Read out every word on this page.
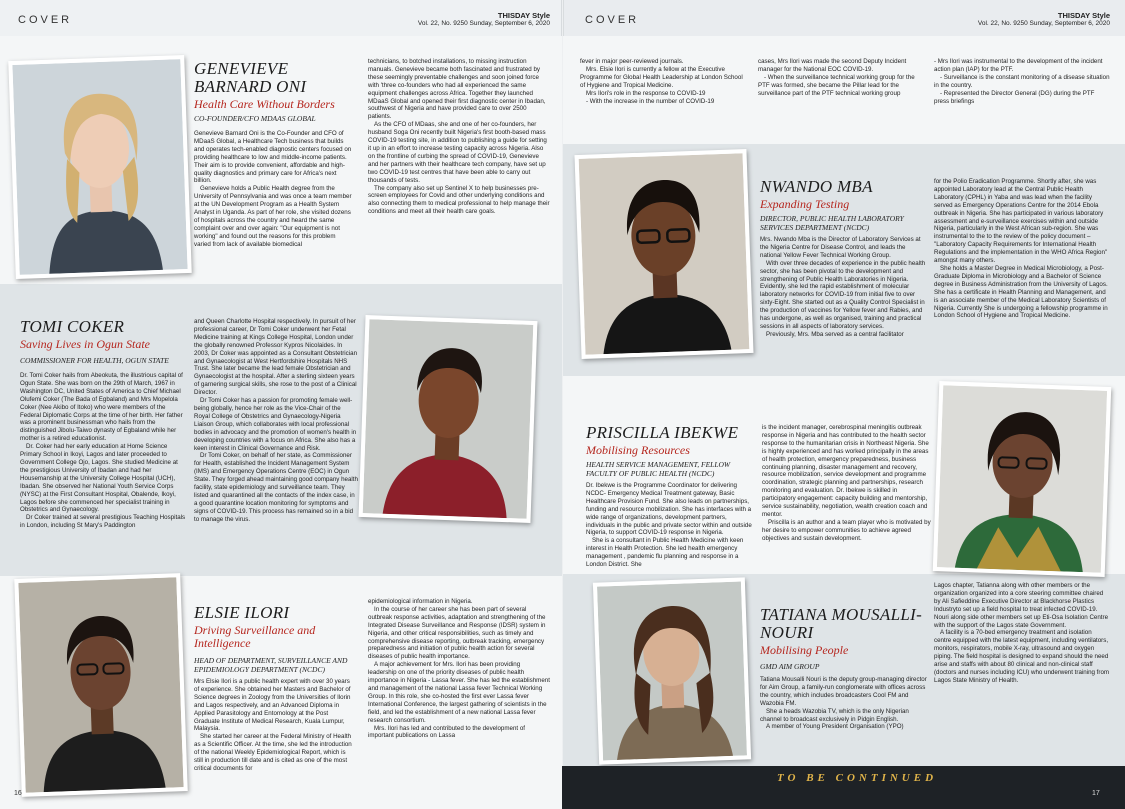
COVER	THISDAY Style
Vol. 22, No. 9250 Sunday, September 6, 2020	COVER	THISDAY Style
Vol. 22, No. 9250 Sunday, September 6, 2020
GENEVIEVE BARNARD ONI
Health Care Without Borders
CO-FOUNDER/CFO MDAAS GLOBAL

Genevieve Barnard Oni is the Co-Founder and CFO of MDaaS Global, a Healthcare Tech business that builds and operates tech-enabled diagnostic centers focused on providing healthcare to low and middle-income patients. Their aim is to provide convenient, affordable and high-quality diagnostics and primary care for Africa's next billion.

Genevieve holds a Public Health degree from the University of Pennsylvania and was once a team member at the UN Development Program as a Health System Analyst in Uganda. As part of her role, she visited dozens of hospitals across the country and heard the same complaint over and over again: "Our equipment is not working" and found out the reasons for this problem varied from lack of available biomedical

technicians, to botched installations, to missing instruction manuals. Genevieve became both fascinated and frustrated by these seemingly preventable challenges and soon joined force with 'three co-founders who had all experienced the same equipment challenges across Africa. Together they launched MDaaS Global and opened their first diagnostic center in Ibadan, southwest of Nigeria and have provided care to over 2500 patients.

As the CFO of MDaas, she and one of her co-founders, her husband Soga Oni recently built Nigeria's first booth-based mass COVID-19 testing site, in addition to publishing a guide for setting it up in an effort to increase testing capacity across Nigeria. Also on the frontline of curbing the spread of COVID-19, Genevieve and her partners with their healthcare tech company, have set up two COVID-19 test centres that have been able to carry out thousands of tests.

The company also set up Sentinel X to help businesses pre-screen employees for Covid and other underlying conditions and also connecting them to medical professional to help manage their conditions and meet all their health care goals.

TOMI COKER
Saving Lives in Ogun State
COMMISSIONER FOR HEALTH, OGUN STATE

Dr. Tomi Coker hails from Abeokuta, the illustrious capital of Ogun State. She was born on the 29th of March, 1967 in Washington DC, United States of America to Chief Michael Olufemi Coker (The Bada of Egbaland) and Mrs Mopelola Coker (Nee Akibo of Itoko) who were members of the Federal Diplomatic Corps at the time of her birth. Her father was a prominent businessman who hails from the distinguished Jibolu-Taiwo dynasty of Egbaland while her mother is a retired educationist.

Dr. Coker had her early education at Home Science Primary School in Ikoyi, Lagos and later proceeded to Government College Ojo, Lagos. She studied Medicine at the prestigious University of Ibadan and had her Housemanship at the University College Hospital (UCH), Ibadan. She observed her National Youth Service Corps (NYSC) at the First Consultant Hospital, Obalende, Ikoyi, Lagos before she commenced her specialist training in Obstetrics and Gynaecology.

Dr Coker trained at several prestigious Teaching Hospitals in London, including St Mary's Paddington

and Queen Charlotte Hospital respectively. In pursuit of her professional career, Dr Tomi Coker underwent her Fetal Medicine training at Kings College Hospital, London under the globally renowned Professor Kypros Nicolaides. In 2003, Dr Coker was appointed as a Consultant Obstetrician and Gynaecologist at West Hertfordshire Hospitals NHS Trust. She later became the lead female Obstetrician and Gynaecologist at the hospital. After a sterling sixteen years of garnering surgical skills, she rose to the post of a Clinical Director.

Dr Tomi Coker has a passion for promoting female well-being globally, hence her role as the Vice-Chair of the Royal College of Obstetrics and Gynaecology-Nigeria Liaison Group, which collaborates with local professional bodies in advocacy and the promotion of women's health in developing countries with a focus on Africa. She also has a keen interest in Clinical Governance and Risk.

Dr Tomi Coker, on behalf of her state, as Commissioner for Health, established the Incident Management System (IMS) and Emergency Operations Centre (EOC) in Ogun State. They forged ahead maintaining good company health facility, state epidemiology and surveillance team. They listed and quarantined all the contacts of the index case, in a good quarantine location monitoring for symptoms and signs of COVID-19. This process has remained so in a bid to manage the virus.

ELSIE ILORI
Driving Surveillance and Intelligence
HEAD OF DEPARTMENT, SURVEILLANCE AND EPIDEMIOLOGY DEPARTMENT (NCDC)

Mrs Elsie Ilori is a public health expert with over 30 years of experience. She obtained her Masters and Bachelor of Science degrees in Zoology from the Universities of Ilorin and Lagos respectively, and an Advanced Diploma in Applied Parasitology and Entomology at the Post Graduate Institute of Medical Research, Kuala Lumpur, Malaysia.

She started her career at the Federal Ministry of Health as a Scientific Officer. At the time, she led the introduction of the national Weekly Epidemiological Report, which is still in production till date and is cited as one of the most critical documents for

epidemiological information in Nigeria.

In the course of her career she has been part of several outbreak response activities, adaptation and strengthening of the Integrated Disease Surveillance and Response (IDSR) system in Nigeria, and other critical responsibilities, such as timely and comprehensive disease reporting, outbreak tracking, emergency preparedness and initiation of public health action for several diseases of public health importance.

A major achievement for Mrs. Ilori has been providing leadership on one of the priority diseases of public health importance in Nigeria - Lassa fever. She has led the establishment and management of the national Lassa fever Technical Working Group. In this role, she co-hosted the first ever Lassa fever International Conference, the largest gathering of scientists in the field, and led the establishment of a new national Lassa fever research consortium.

Mrs. Ilori has led and contributed to the development of important publications on Lassa

fever in major peer-reviewed journals.

Mrs. Elsie Ilori is currently a fellow at the Executive Programme for Global Health Leadership at London School of Hygiene and Tropical Medicine.

Mrs Ilori's role in the response to COVID-19

- With the increase in the number of COVID-19

cases, Mrs Ilori was made the second Deputy Incident manager for the National EOC COVID-19.

- When the surveillance technical working group for the PTF was formed, she became the Pillar lead for the surveillance part of the PTF technical working group

- Mrs Ilori was instrumental to the development of the incident action plan (IAP) for the PTF.

- Surveillance is the constant monitoring of a disease situation in the country.

- Represented the Director General (DG) during the PTF press briefings

NWANDO MBA
Expanding Testing
DIRECTOR, PUBLIC HEALTH LABORATORY SERVICES DEPARTMENT (NCDC)

Mrs. Nwando Mba is the Director of Laboratory Services at the Nigeria Centre for Disease Control, and leads the national Yellow Fever Technical Working Group.

With over three decades of experience in the public health sector, she has been pivotal to the development and strengthening of Public Health Laboratories in Nigeria. Evidently, she led the rapid establishment of molecular laboratory networks for COVID-19 from initial five to over sixty-Eight. She started out as a Quality Control Specialist in the production of vaccines for Yellow fever and Rabies, and has undergone, as well as organised, training and practical sessions in all aspects of laboratory services.

Previously, Mrs. Mba served as a central facilitator

for the Polio Eradication Programme. Shortly after, she was appointed Laboratory lead at the Central Public Health Laboratory (CPHL) in Yaba and was lead when the facility served as Emergency Operations Centre for the 2014 Ebola outbreak in Nigeria. She has participated in various laboratory assessment and e-surveillance exercises within and outside Nigeria, particularly in the West African sub-region. She was instrumental to the to the review of the policy document – "Laboratory Capacity Requirements for International Health Regulations and the implementation in the WHO Africa Region" amongst many others.

She holds a Master Degree in Medical Microbiology, a Post-Graduate Diploma in Microbiology and a Bachelor of Science degree in Business Administration from the University of Lagos. She has a certificate in Health Planning and Management, and is an associate member of the Medical Laboratory Scientists of Nigeria. Currently She is undergoing a fellowship programme in London School of Hygiene and Tropical Medicine.

PRISCILLA IBEKWE
Mobilising Resources
HEALTH SERVICE MANAGEMENT, FELLOW FACULTY OF PUBLIC HEALTH (NCDC)

Dr. Ibekwe is the Programme Coordinator for delivering NCDC- Emergency Medical Treatment gateway, Basic Healthcare Provision Fund. She also leads on partnerships, funding and resource mobilization. She has interfaces with a wide range of organizations, development partners, individuals in the public and private sector within and outside Nigeria, to support COVID-19 response in Nigeria.

She is a consultant in Public Health Medicine with keen interest in Health Protection. She led health emergency management , pandemic flu planning and response in a London District. She

is the incident manager, cerebrospinal meningitis outbreak response in Nigeria and has contributed to the health sector response to the humanitarian crisis in Northeast Nigeria. She is highly experienced and has worked principally in the areas of health protection, emergency preparedness, business continuing planning, disaster management and recovery, resource mobilization, service development and programme coordination, strategic planning and partnerships, research monitoring and evaluation. Dr. Ibekwe is skilled in participatory engagement: capacity building and mentorship, service sustainability, negotiation, wealth creation coach and mentor.

Priscilla is an author and a team player who is motivated by her desire to empower communities to achieve agreed objectives and sustain development.

TATIANA MOUSALLI-NOURI
Mobilising People
GMD AIM GROUP

Tatiana Mousalli Nouri is the deputy group-managing director for Aim Group, a family-run conglomerate with offices across the country, which includes broadcasters Cool FM and Wazobia FM.

She a heads Wazobia TV, which is the only Nigerian channel to broadcast exclusively in Pidgin English.

A member of Young President Organisation (YPO)

Lagos chapter, Tatianna along with other members or the organization organized into a core steering committee chaired by Ali Safieddine Executive Director at Blackhorse Plastics Industryto set up a field hospital to treat infected COVID-19. Nouri along side other members set up Eti-Osa Isolation Centre with the support of the Lagos state Government.

A facility is a 70-bed emergency treatment and isolation centre equipped with the latest equipment, including ventilators, monitors, respirators, mobile X-ray, ultrasound and oxygen piping. The field hospital is designed to expand should the need arise and staffs with about 80 clinical and non-clinical staff (doctors and nurses including ICU) who underwent training from Lagos State Ministry of Health.

TO BE CONTINUED
16	17
